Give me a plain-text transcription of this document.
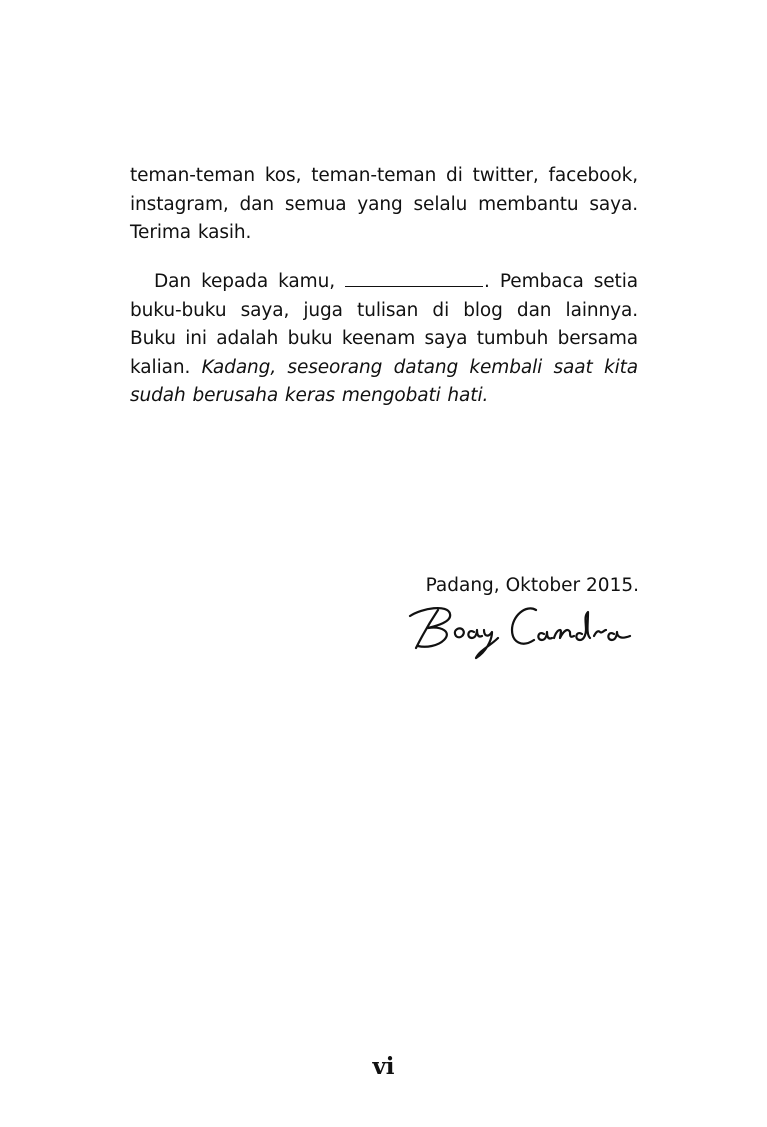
teman-teman kos, teman-teman di twitter, facebook, instagram, dan semua yang selalu membantu saya. Terima kasih.
Dan kepada kamu,	. Pembaca setia buku-buku saya, juga tulisan di blog dan lainnya. Buku ini adalah buku keenam saya tumbuh bersama kalian. Kadang, seseorang datang kembali saat kita sudah berusaha keras mengobati hati.
Padang, Oktober 2015.
vi
